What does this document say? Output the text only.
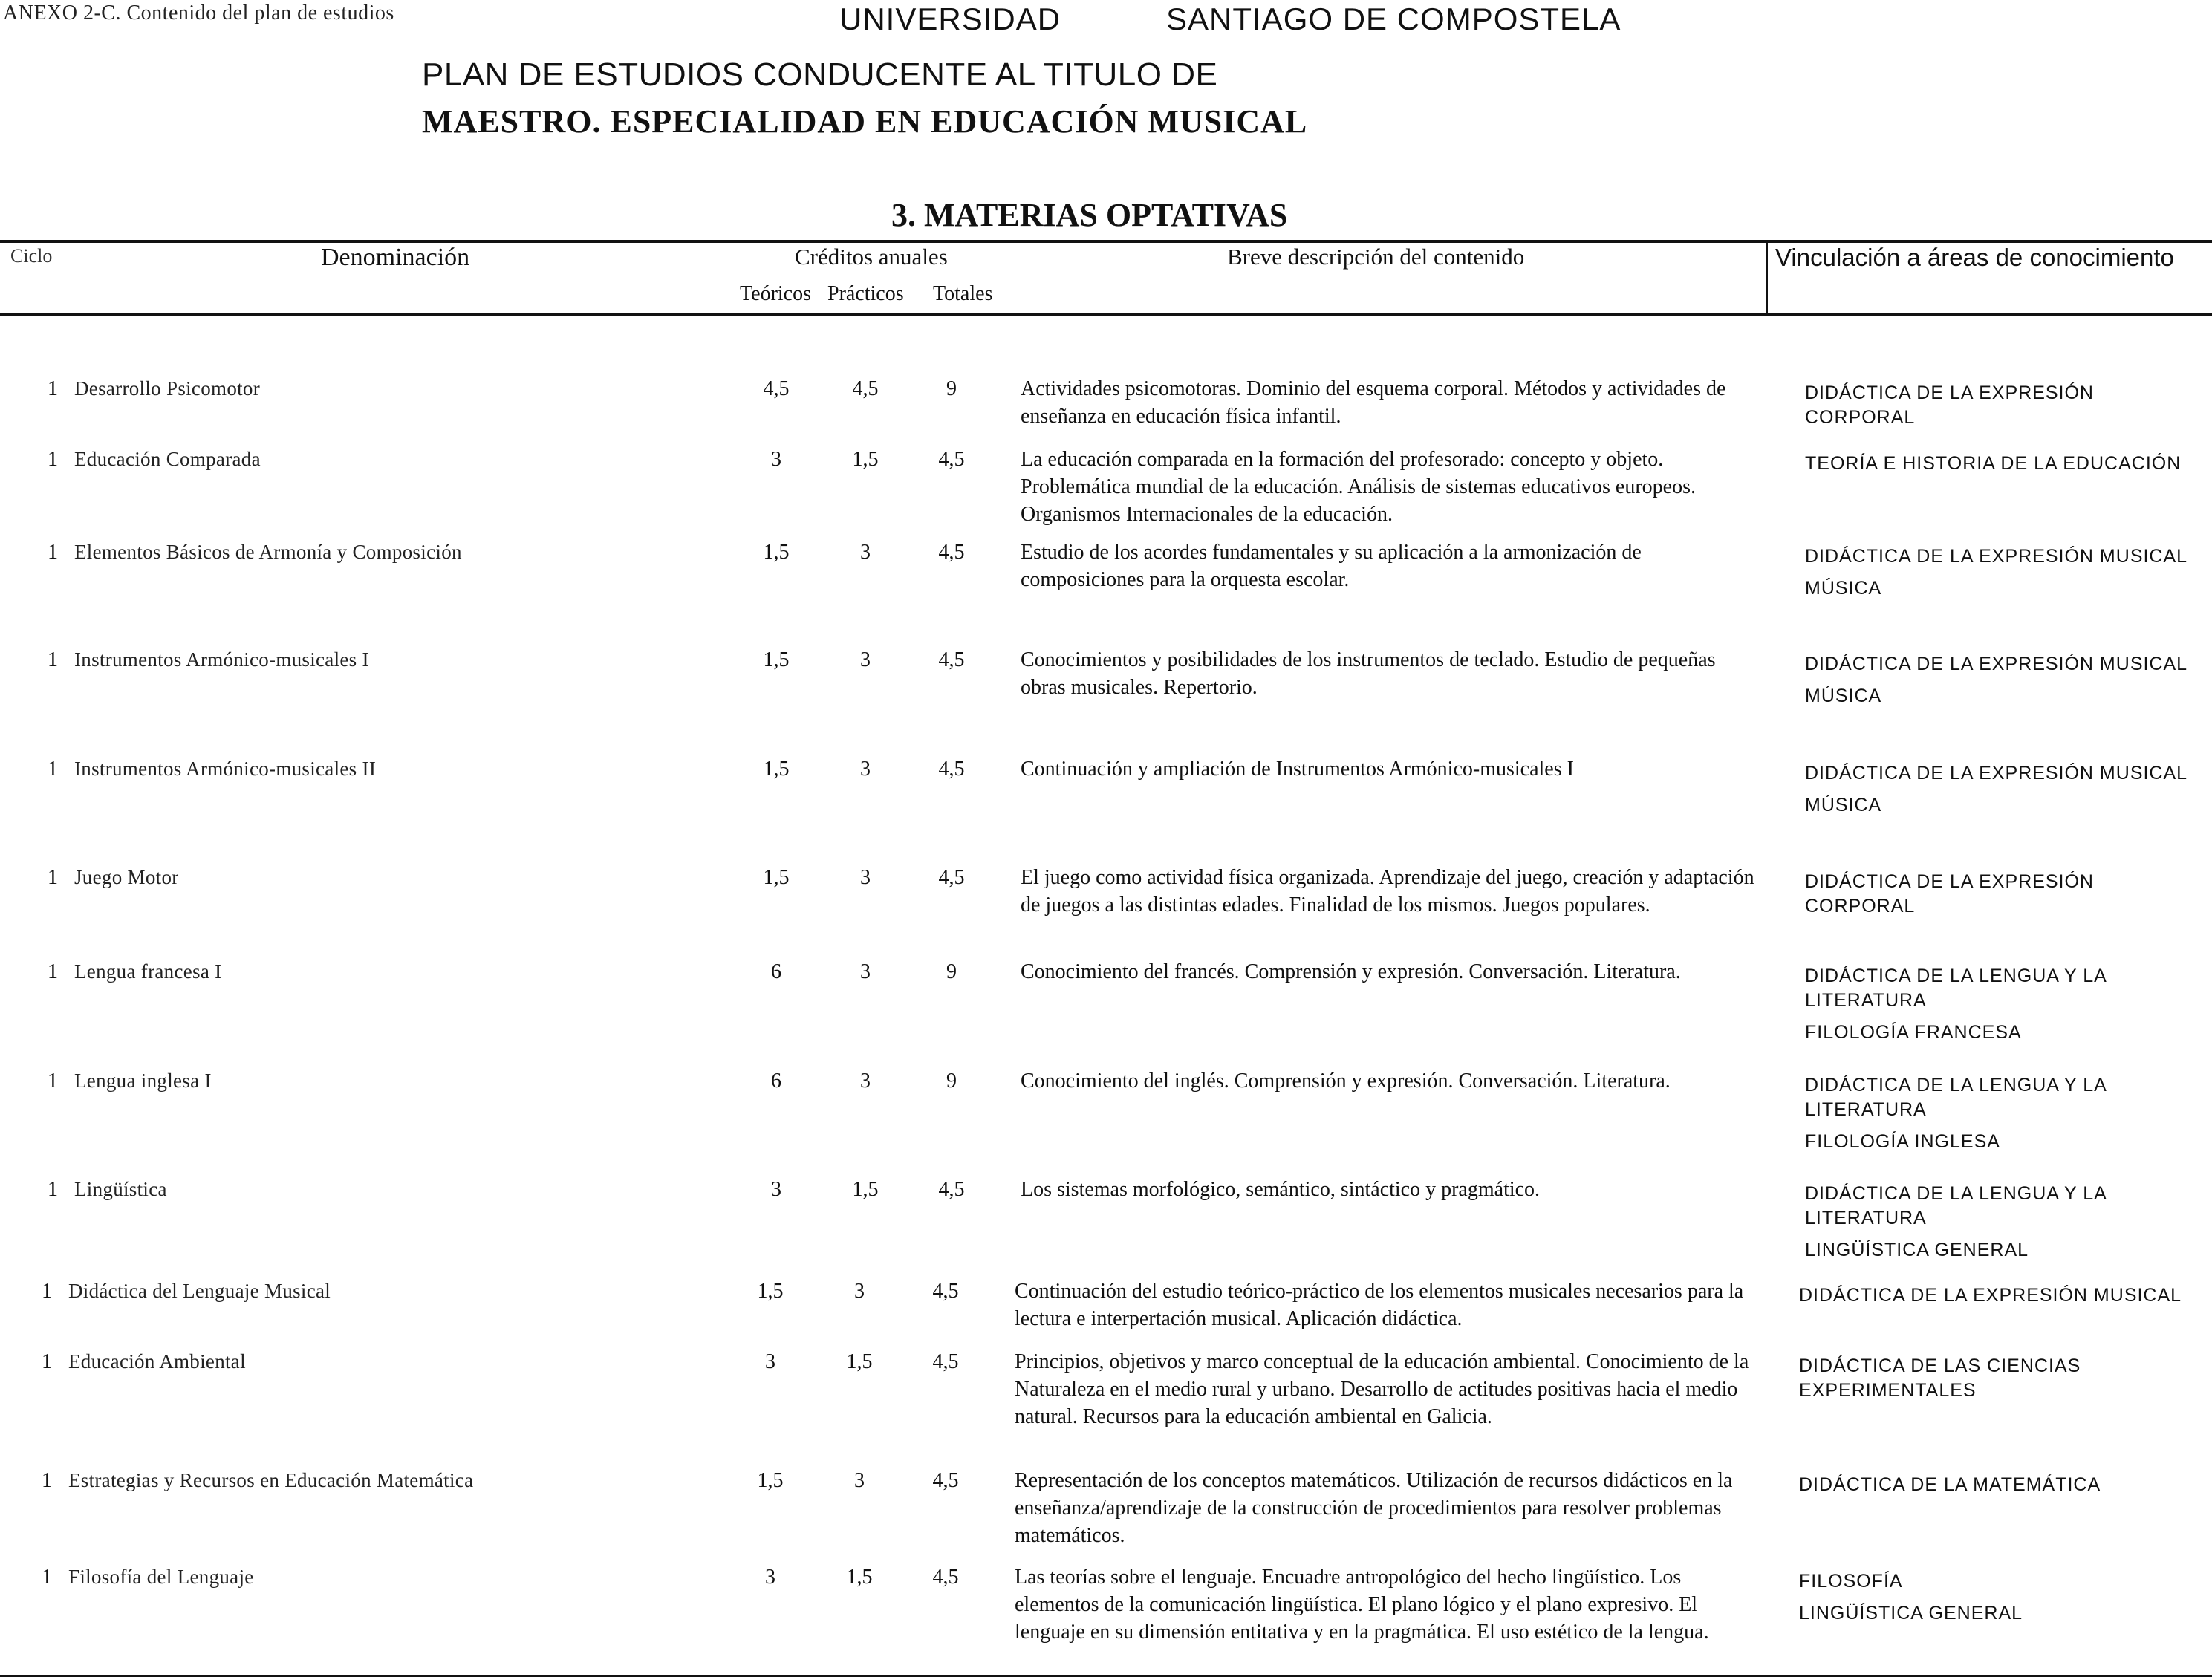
ANEXO 2-C. Contenido del plan de estudios	UNIVERSIDAD	SANTIAGO DE COMPOSTELA
PLAN DE ESTUDIOS CONDUCENTE AL TITULO DE
MAESTRO. ESPECIALIDAD EN EDUCACIÓN MUSICAL
3. MATERIAS OPTATIVAS
Ciclo	Denominación	Créditos anuales
Teóricos Prácticos Totales
Breve descripción del contenido	Vinculación a áreas de conocimiento
1 Desarrollo Psicomotor	4,5	4,5	9	Actividades psicomotoras. Dominio del esquema corporal. Métodos y actividades de enseñanza en educación física infantil.
DIDÁCTICA DE LA EXPRESIÓN CORPORAL
1 Educación Comparada	3	1,5	4,5	La educación comparada en la formación del profesorado: concepto y objeto. Problemática mundial de la educación. Análisis de sistemas educativos europeos. Organismos Internacionales de la educación.
TEORÍA E HISTORIA DE LA EDUCACIÓN
1 Elementos Básicos de Armonía y Composición	1,5	3	4,5	Estudio de los acordes fundamentales y su aplicación a la armonización de composiciones para la orquesta escolar.
DIDÁCTICA DE LA EXPRESIÓN MUSICAL
MÚSICA
1 Instrumentos Armónico-musicales I	1,5	3	4,5	Conocimientos y posibilidades de los instrumentos de teclado. Estudio de pequeñas obras musicales. Repertorio.
DIDÁCTICA DE LA EXPRESIÓN MUSICAL
MÚSICA
1 Instrumentos Armónico-musicales II	1,5	3	4,5	Continuación y ampliación de Instrumentos Armónico-musicales I	DIDÁCTICA DE LA EXPRESIÓN MUSICAL
MÚSICA
1 Juego Motor	1,5	3	4,5	El juego como actividad física organizada. Aprendizaje del juego, creación y adaptación de juegos a las distintas edades. Finalidad de los mismos. Juegos populares.
DIDÁCTICA DE LA EXPRESIÓN CORPORAL
1 Lengua francesa I	6	3	9	Conocimiento del francés. Comprensión y expresión. Conversación. Literatura.	DIDÁCTICA DE LA LENGUA Y LA LITERATURA
FILOLOGÍA FRANCESA
1 Lengua inglesa I	6	3	9	Conocimiento del inglés. Comprensión y expresión. Conversación. Literatura.	DIDÁCTICA DE LA LENGUA Y LA LITERATURA
FILOLOGÍA INGLESA
1 Lingüística	3	1,5	4,5	Los sistemas morfológico, semántico, sintáctico y pragmático.	DIDÁCTICA DE LA LENGUA Y LA LITERATURA
LINGÜÍSTICA GENERAL
1 Didáctica del Lenguaje Musical	1,5	3	4,5	Continuación del estudio teórico-práctico de los elementos musicales necesarios para la lectura e interpertación musical. Aplicación didáctica.
DIDÁCTICA DE LA EXPRESIÓN MUSICAL
1 Educación Ambiental	3	1,5	4,5	Principios, objetivos y marco conceptual de la educación ambiental. Conocimiento de la Naturaleza en el medio rural y urbano. Desarrollo de actitudes positivas hacia el medio natural. Recursos para la educación ambiental en Galicia.
DIDÁCTICA DE LAS CIENCIAS EXPERIMENTALES
1 Estrategias y Recursos en Educación Matemática	1,5	3	4,5	Representación de los conceptos matemáticos. Utilización de recursos didácticos en la enseñanza/aprendizaje de la construcción de procedimientos para resolver problemas matemáticos.
DIDÁCTICA DE LA MATEMÁTICA
1 Filosofía del Lenguaje	3	1,5	4,5	Las teorías sobre el lenguaje. Encuadre antropológico del hecho lingüístico. Los elementos de la comunicación lingüística. El plano lógico y el plano expresivo. El lenguaje en su dimensión entitativa y en la pragmática. El uso estético de la lengua.
FILOSOFÍA
LINGÜÍSTICA GENERAL
